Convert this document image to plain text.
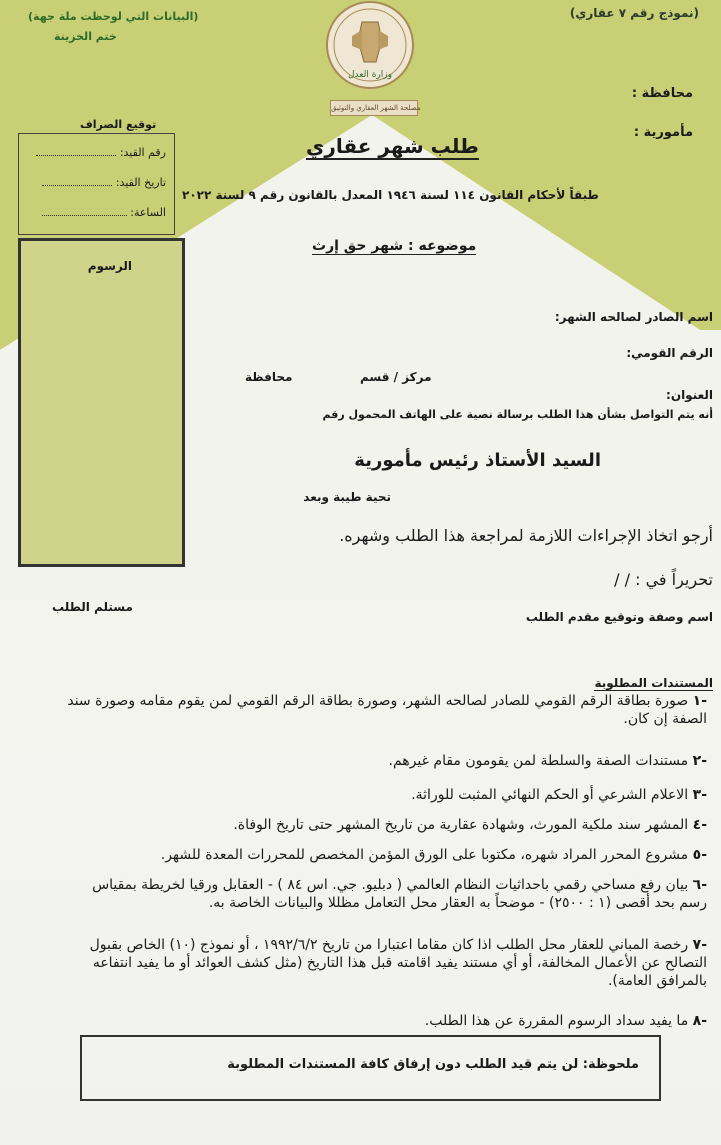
وزارة العدل
مصلحة الشهر العقاري والتوثيق
(نموذج رقم ٧ عقاري)
محافظة :
مأمورية :
(البيانات التي لوحظت ملة جهة)
ختم الخزينة
توقيع الصراف
رقم القيد:
تاريخ القيد:
الساعة:
الرسوم
طلب شهر عقاري
طبقاً لأحكام القانون ١١٤ لسنة ١٩٤٦ المعدل بالقانون رقم ٩ لسنة ٢٠٢٢
موضوعه : شهر حق إرث
اسم الصادر لصالحه الشهر:
الرقم القومي:
مركز / قسم
محافظة
العنوان:
أنه يتم التواصل بشأن هذا الطلب برسالة نصية على الهاتف المحمول رقم
السيد الأستاذ رئيس مأمورية
تحية طيبة وبعد
أرجو اتخاذ الإجراءات اللازمة لمراجعة هذا الطلب وشهره.
تحريراً في : / /
مستلم الطلب
اسم وصفة وتوقيع مقدم الطلب
المستندات المطلوبة
-١ صورة بطاقة الرقم القومي للصادر لصالحه الشهر، وصورة بطاقة الرقم القومي لمن يقوم مقامه وصورة سند الصفة إن كان.
-٢ مستندات الصفة والسلطة لمن يقومون مقام غيرهم.
-٣ الاعلام الشرعي أو الحكم النهائي المثبت للوراثة.
-٤ المشهر سند ملكية المورث، وشهادة عقارية من تاريخ المشهر حتى تاريخ الوفاة.
-٥ مشروع المحرر المراد شهره، مكتوبا على الورق المؤمن المخصص للمحررات المعدة للشهر.
-٦ بيان رفع مساحي رقمي باحداثيات النظام العالمي ( دبليو. جي. اس ٨٤ ) - العقابل ورقيا لخريطة بمقياس رسم بحد أقصى (١ : ٢٥٠٠) - موضحاً به العقار محل التعامل مظللا والبيانات الخاصة به.
-٧ رخصة المباني للعقار محل الطلب اذا كان مقاما اعتبارا من تاريخ ١٩٩٢/٦/٢ ، أو نموذج (١٠) الخاص بقبول التصالح عن الأعمال المخالفة، أو أي مستند يفيد اقامته قبل هذا التاريخ (مثل كشف العوائد أو ما يفيد انتفاعه بالمرافق العامة).
-٨ ما يفيد سداد الرسوم المقررة عن هذا الطلب.
ملحوظة: لن يتم قيد الطلب دون إرفاق كافة المستندات المطلوبة
